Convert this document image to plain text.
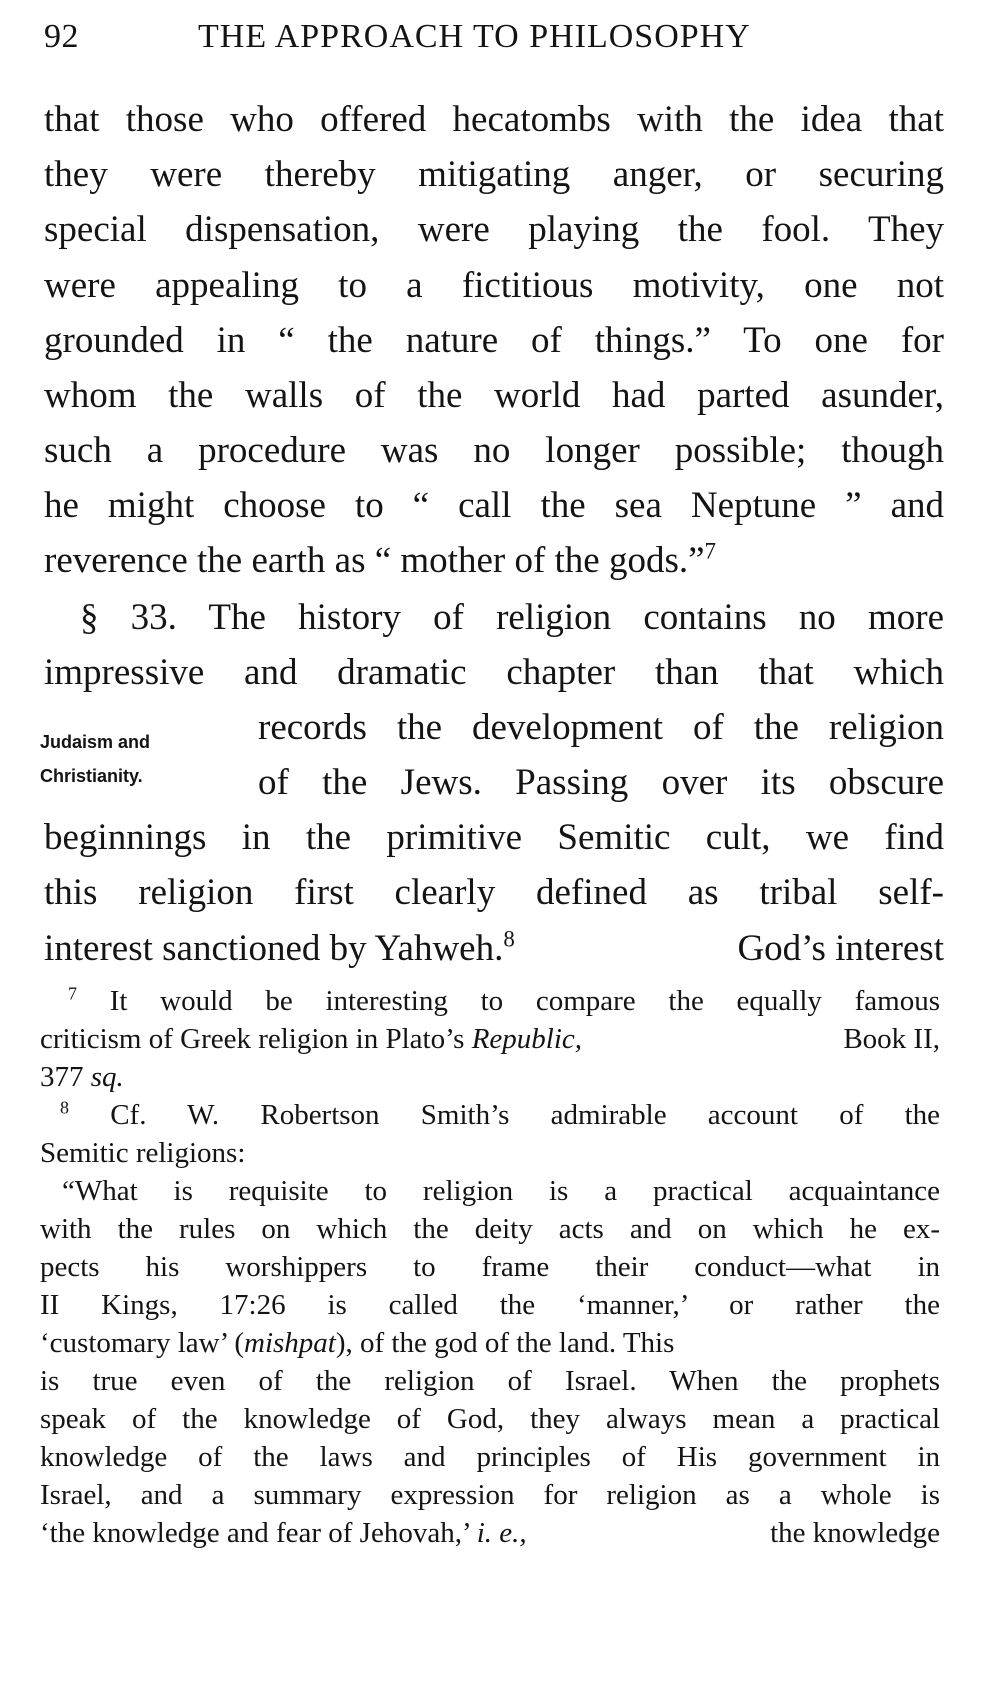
92	THE APPROACH TO PHILOSOPHY
that those who offered hecatombs with the idea that
they were thereby mitigating anger, or securing
special dispensation, were playing the fool. They
were appealing to a fictitious motivity, one not
grounded in “ the nature of things.” To one for
whom the walls of the world had parted asunder,
such a procedure was no longer possible; though
he might choose to “ call the sea Neptune ” and
reverence the earth as “ mother of the gods.”$^7$
§ 33. The history of religion contains no more
impressive and dramatic chapter than that which
records the development of the religion
of the Jews. Passing over its obscure
beginnings in the primitive Semitic cult, we find
this religion first clearly defined as tribal self-
interest sanctioned by Yahweh.$^8$	God’s interest
Judaism and
Christianity.
$^7$ It would be interesting to compare the equally famous
criticism of Greek religion in Plato’s Republic,	Book II,
377 sq.
$^8$ Cf. W. Robertson Smith’s admirable account of the
Semitic religions:
“What is requisite to religion is a practical acquaintance
with the rules on which the deity acts and on which he ex-
pects his worshippers to frame their conduct—what in
II Kings, 17:26 is called the ‘manner,’ or rather the
‘customary law’ (mishpat), of the god of the land. This
is true even of the religion of Israel. When the prophets
speak of the knowledge of God, they always mean a practical
knowledge of the laws and principles of His government in
Israel, and a summary expression for religion as a whole is
‘the knowledge and fear of Jehovah,’ i. e.,	the knowledge
